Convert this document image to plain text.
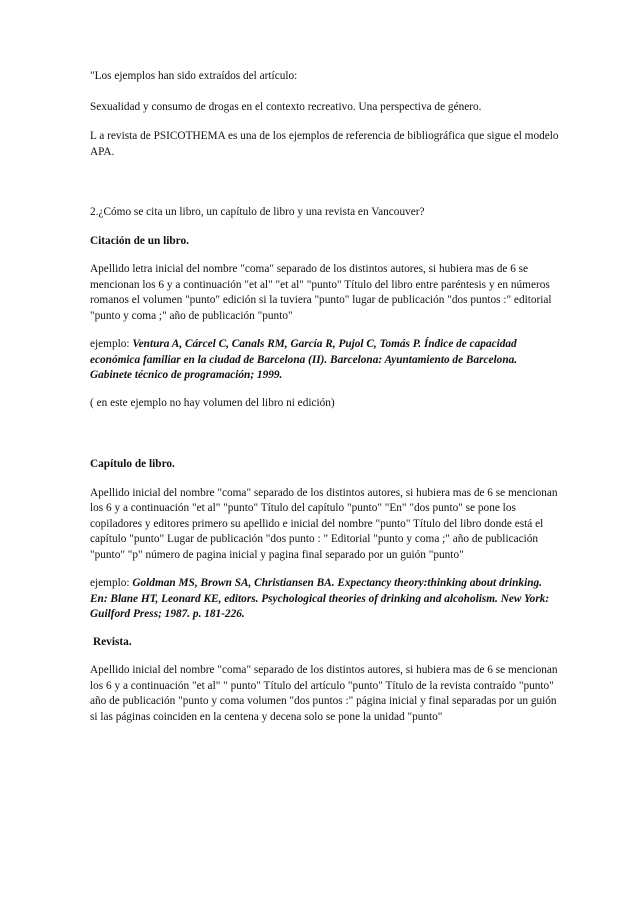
"Los ejemplos han sido extraídos del artículo:

Sexualidad y consumo de drogas en el contexto recreativo. Una perspectiva de género.

L a revista de PSICOTHEMA es una de los ejemplos de referencia de bibliográfica que sigue el modelo APA.

2.¿Cómo se cita un libro, un capítulo de libro y una revista en Vancouver?

Citación de un libro.

Apellido letra inicial del nombre "coma" separado de los distintos autores, si hubiera mas de 6 se mencionan los 6 y a continuación "et al" "et al" "punto" Título del libro entre paréntesis y en números romanos el volumen "punto" edición si la tuviera "punto" lugar de publicación "dos puntos :" editorial "punto y coma ;" año de publicación "punto"

ejemplo: Ventura A, Cárcel C, Canals RM, García R, Pujol C, Tomás P. Índice de capacidad económica familiar en la ciudad de Barcelona (II). Barcelona: Ayuntamiento de Barcelona. Gabinete técnico de programación; 1999.

( en este ejemplo no hay volumen del libro ni edición)

Capítulo de libro.

Apellido inicial del nombre "coma" separado de los distintos autores, si hubiera mas de 6 se mencionan los 6 y a continuación "et al" "punto" Título del capítulo "punto" "En" "dos punto" se pone los copiladores y editores primero su apellido e inicial del nombre "punto" Título del libro donde está el capítulo "punto" Lugar de publicación "dos punto : " Editorial "punto y coma ;" año de publicación "punto" "p" número de pagina inicial y pagina final separado por un guión "punto"

ejemplo: Goldman MS, Brown SA, Christiansen BA. Expectancy theory:thinking about drinking. En: Blane HT, Leonard KE, editors. Psychological theories of drinking and alcoholism. New York: Guilford Press; 1987. p. 181-226.

Revista.

Apellido inicial del nombre "coma" separado de los distintos autores, si hubiera mas de 6 se mencionan los 6 y a continuación "et al" " punto" Título del artículo "punto" Título de la revista contraído "punto" año de publicación "punto y coma volumen "dos puntos :" página inicial y final separadas por un guión si las páginas coinciden en la centena y decena solo se pone la unidad "punto"
